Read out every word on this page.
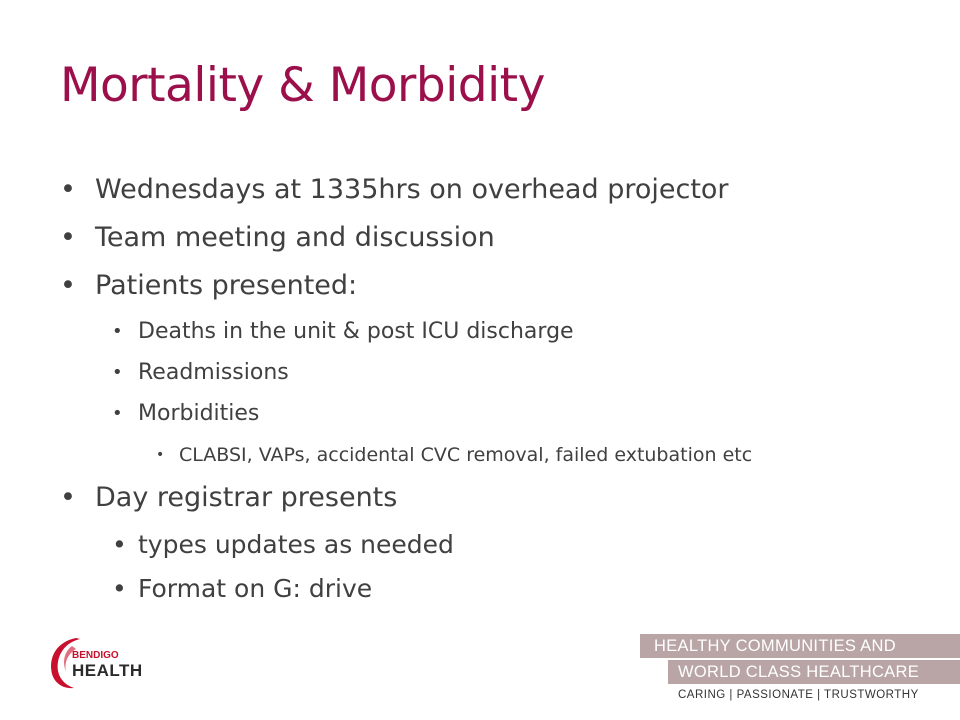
Mortality & Morbidity
• Wednesdays at 1335hrs on overhead projector
• Team meeting and discussion
• Patients presented:
• Deaths in the unit & post ICU discharge
• Readmissions
• Morbidities
• CLABSI, VAPs, accidental CVC removal, failed extubation etc
• Day registrar presents
• types updates as needed
• Format on G: drive
BENDIGO
HEALTH
HEALTHY COMMUNITIES AND
WORLD CLASS HEALTHCARE
CARING | PASSIONATE | TRUSTWORTHY
